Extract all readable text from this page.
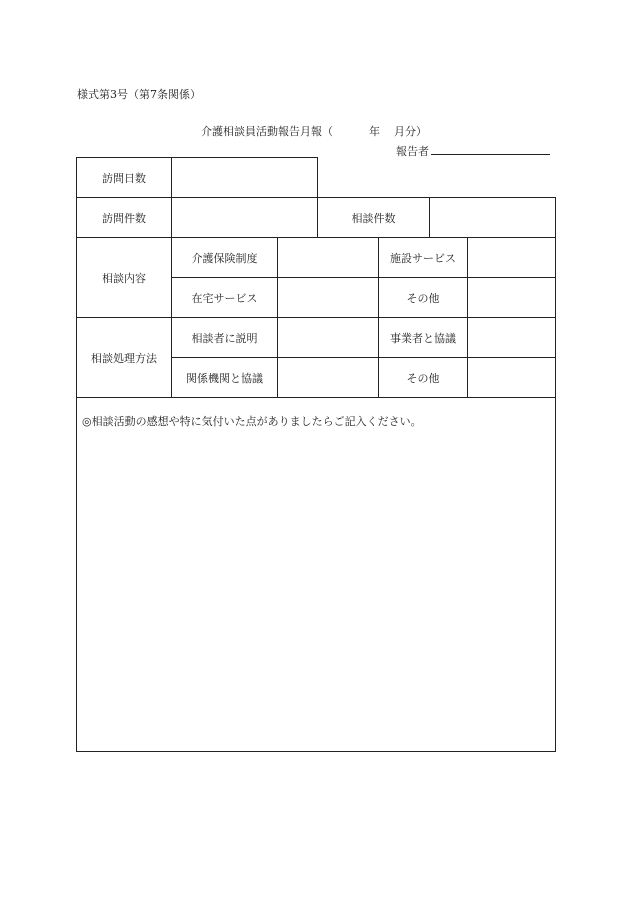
様式第3号（第7条関係）
介護相談員活動報告月報（	年 月分）
報告者
訪問日数
訪問件数	相談件数
相談内容
介護保険制度	施設サービス
在宅サービス	その他
相談処理方法
相談者に説明	事業者と協議
関係機関と協議	その他
◎相談活動の感想や特に気付いた点がありましたらご記入ください。
